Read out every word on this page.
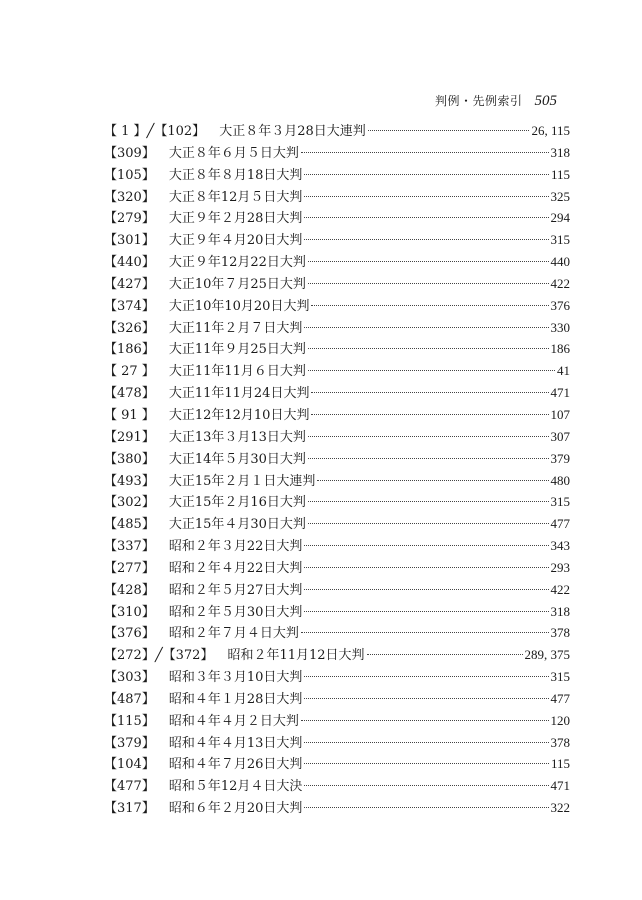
判例・先例索引 505
【 1 】╱【102】	大正８年３月28日大連判	26, 115
【309】	大正８年６月５日大判	318
【105】	大正８年８月18日大判	115
【320】	大正８年12月５日大判	325
【279】	大正９年２月28日大判	294
【301】	大正９年４月20日大判	315
【440】	大正９年12月22日大判	440
【427】	大正10年７月25日大判	422
【374】	大正10年10月20日大判	376
【326】	大正11年２月７日大判	330
【186】	大正11年９月25日大判	186
【 27 】	大正11年11月６日大判	41
【478】	大正11年11月24日大判	471
【 91 】	大正12年12月10日大判	107
【291】	大正13年３月13日大判	307
【380】	大正14年５月30日大判	379
【493】	大正15年２月１日大連判	480
【302】	大正15年２月16日大判	315
【485】	大正15年４月30日大判	477
【337】	昭和２年３月22日大判	343
【277】	昭和２年４月22日大判	293
【428】	昭和２年５月27日大判	422
【310】	昭和２年５月30日大判	318
【376】	昭和２年７月４日大判	378
【272】╱【372】	昭和２年11月12日大判	289, 375
【303】	昭和３年３月10日大判	315
【487】	昭和４年１月28日大判	477
【115】	昭和４年４月２日大判	120
【379】	昭和４年４月13日大判	378
【104】	昭和４年７月26日大判	115
【477】	昭和５年12月４日大決	471
【317】	昭和６年２月20日大判	322
